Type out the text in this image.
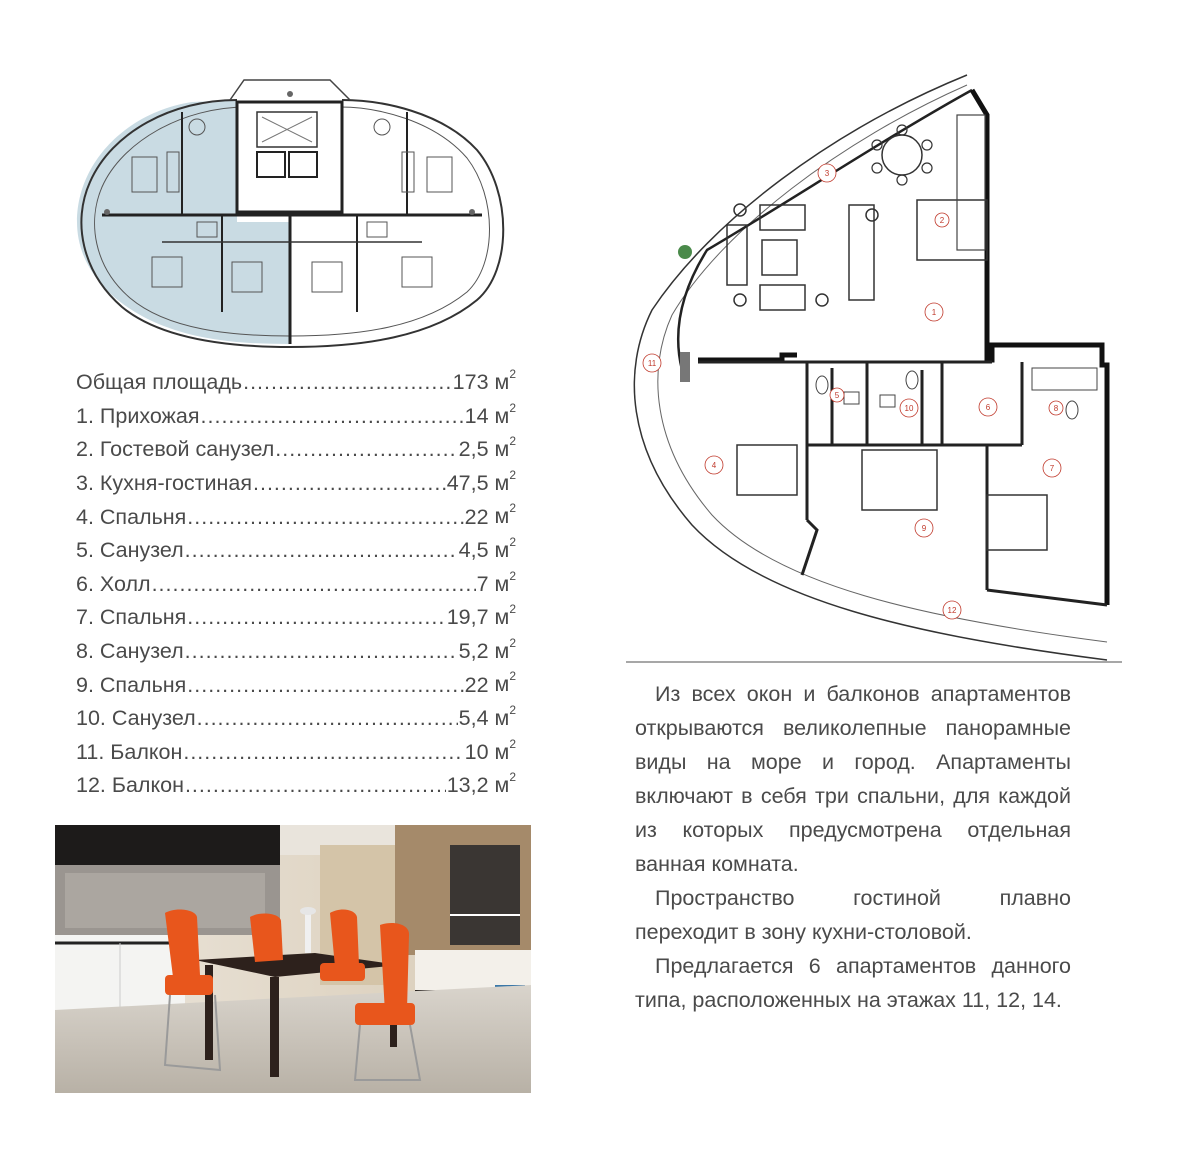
Общая площадь .....	173 $м^2$
1. Прихожая .....	14 $м^2$
2. Гостевой санузел .....	2,5 $м^2$
3. Кухня-гостиная .....	47,5 $м^2$
4. Спальня .....	22 $м^2$
5. Санузел .....	4,5 $м^2$
6. Холл .....	7 $м^2$
7. Спальня .....	19,7 $м^2$
8. Санузел .....	5,2 $м^2$
9. Спальня .....	22 $м^2$
10. Санузел .....	5,4 $м^2$
11. Балкон .....	10 $м^2$
12. Балкон .....	13,2 $м^2$
1
2
3
4
5
6
7
8
9
10
11
12

Из всех окон и балконов апартаментов открываются великолепные панорамные виды на море и город. Апартаменты включают в себя три спальни, для каждой из которых предусмотрена отдельная ванная комната.

Пространство гостиной плавно переходит в зону кухни-столовой.

Предлагается 6 апартаментов данного типа, расположенных на этажах 11, 12, 14.
